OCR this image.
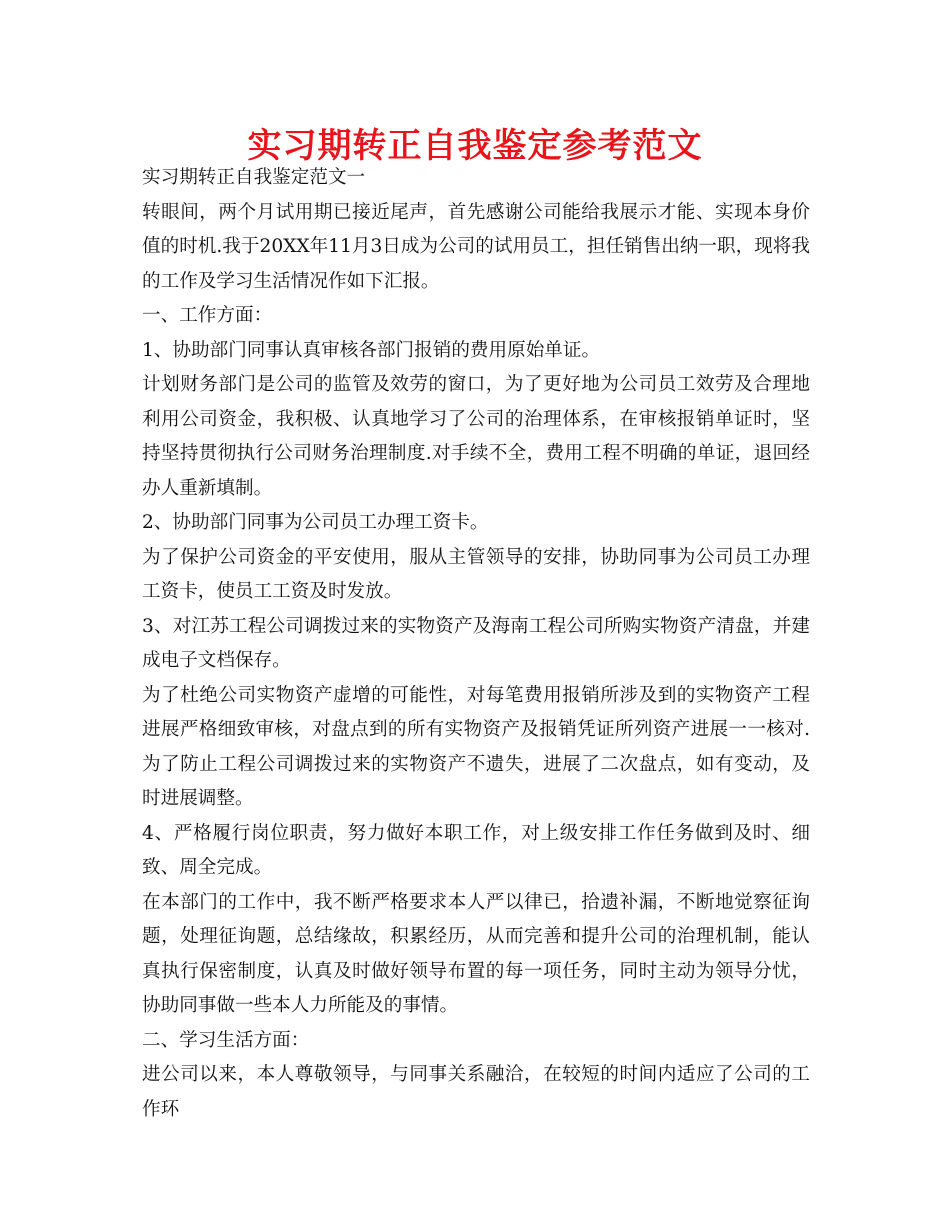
实习期转正自我鉴定参考范文

实习期转正自我鉴定范文一

转眼间，两个月试用期已接近尾声，首先感谢公司能给我展示才能、实现本身价值的时机.我于20XX年11月3日成为公司的试用员工，担任销售出纳一职，现将我的工作及学习生活情况作如下汇报。

一、工作方面：

1、协助部门同事认真审核各部门报销的费用原始单证。

计划财务部门是公司的监管及效劳的窗口，为了更好地为公司员工效劳及合理地利用公司资金，我积极、认真地学习了公司的治理体系，在审核报销单证时，坚持坚持贯彻执行公司财务治理制度.对手续不全，费用工程不明确的单证，退回经办人重新填制。

2、协助部门同事为公司员工办理工资卡。

为了保护公司资金的平安使用，服从主管领导的安排，协助同事为公司员工办理工资卡，使员工工资及时发放。

3、对江苏工程公司调拨过来的实物资产及海南工程公司所购实物资产清盘，并建成电子文档保存。

为了杜绝公司实物资产虚增的可能性，对每笔费用报销所涉及到的实物资产工程进展严格细致审核，对盘点到的所有实物资产及报销凭证所列资产进展一一核对.为了防止工程公司调拨过来的实物资产不遗失，进展了二次盘点，如有变动，及时进展调整。

4、严格履行岗位职责，努力做好本职工作，对上级安排工作任务做到及时、细致、周全完成。

在本部门的工作中，我不断严格要求本人严以律已，拾遗补漏，不断地觉察征询题，处理征询题，总结缘故，积累经历，从而完善和提升公司的治理机制，能认真执行保密制度，认真及时做好领导布置的每一项任务，同时主动为领导分忧，协助同事做一些本人力所能及的事情。

二、学习生活方面：

进公司以来，本人尊敬领导，与同事关系融洽，在较短的时间内适应了公司的工作环
